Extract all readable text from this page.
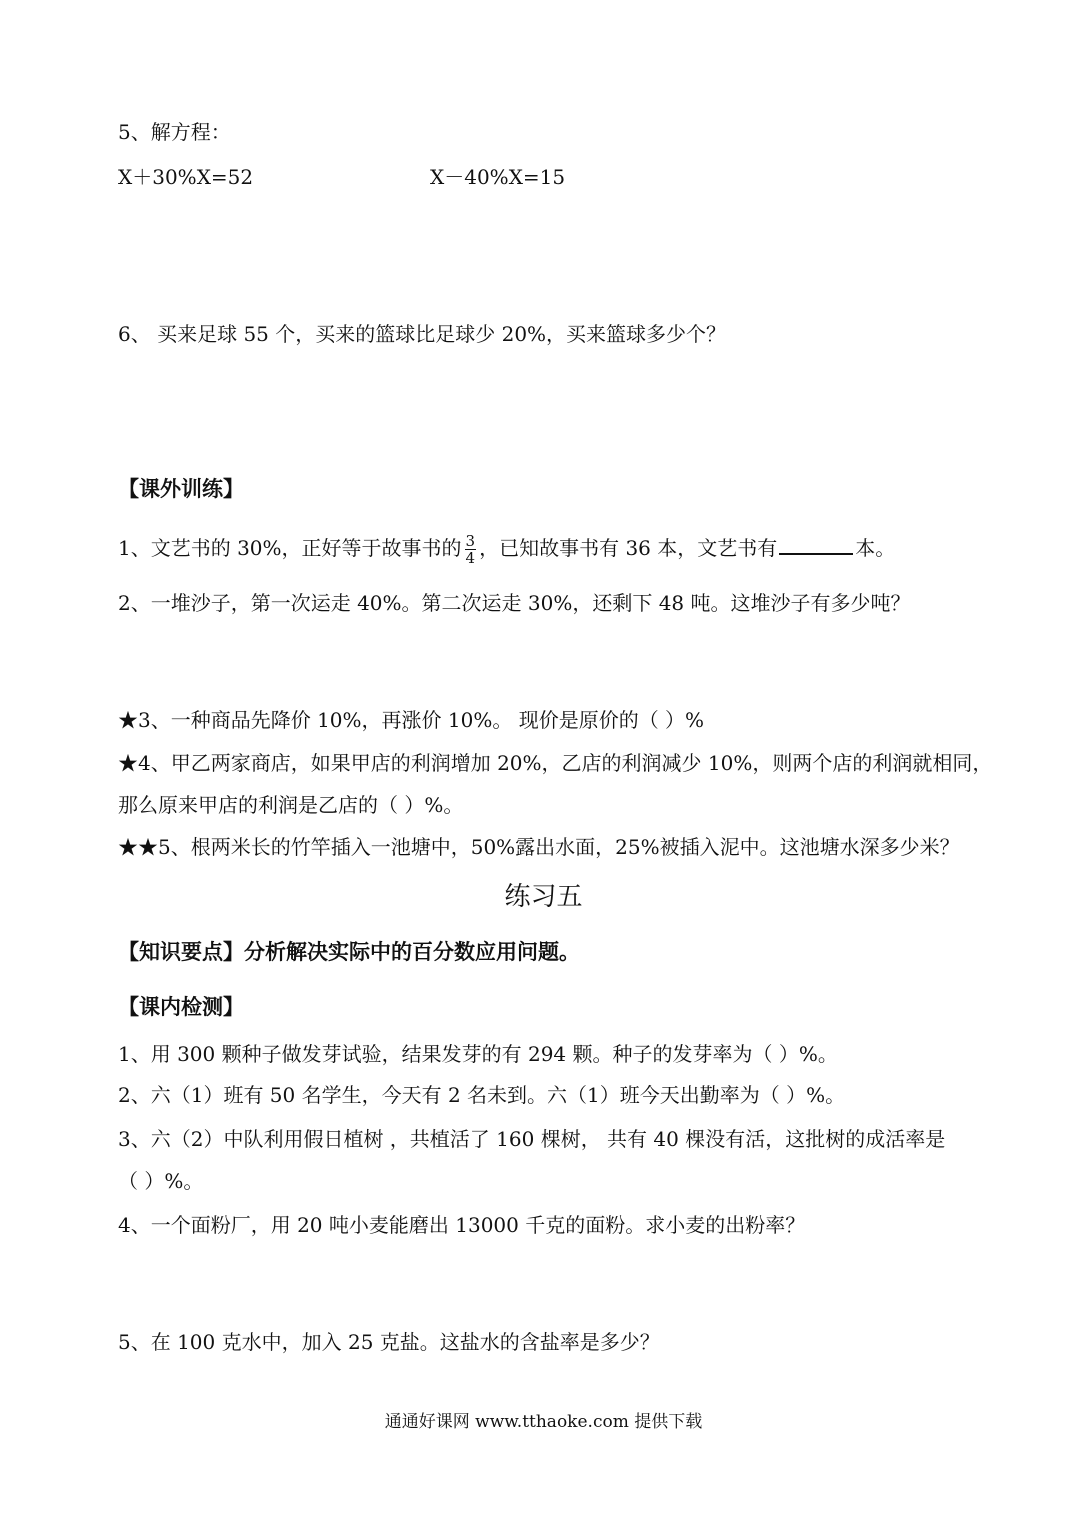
5、解方程：
X＋30%X=52	X－40%X=15
6、 买来足球 55 个，买来的篮球比足球少 20%，买来篮球多少个？
【课外训练】
1、文艺书的 30%，正好等于故事书的 $\frac{3}{4}$ ，已知故事书有 36 本，文艺书有	本。
2、一堆沙子，第一次运走 40%。第二次运走 30%，还剩下 48 吨。这堆沙子有多少吨？
★3、一种商品先降价 10%，再涨价 10%。 现价是原价的（ ）%
★4、甲乙两家商店，如果甲店的利润增加 20%，乙店的利润减少 10%，则两个店的利润就相同，
那么原来甲店的利润是乙店的（ ）%。
★★5、根两米长的竹竿插入一池塘中，50%露出水面，25%被插入泥中。这池塘水深多少米？
练习五
【知识要点】分析解决实际中的百分数应用问题。
【课内检测】
1、用 300 颗种子做发芽试验，结果发芽的有 294 颗。种子的发芽率为（ ）%。
2、六（1）班有 50 名学生，今天有 2 名未到。六（1）班今天出勤率为（ ）%。
3、六（2）中队利用假日植树 ，共植活了 160 棵树， 共有 40 棵没有活，这批树的成活率是
（ ）%。
4、一个面粉厂，用 20 吨小麦能磨出 13000 千克的面粉。求小麦的出粉率？
5、在 100 克水中，加入 25 克盐。这盐水的含盐率是多少？
通通好课网 www.tthaoke.com 提供下载
